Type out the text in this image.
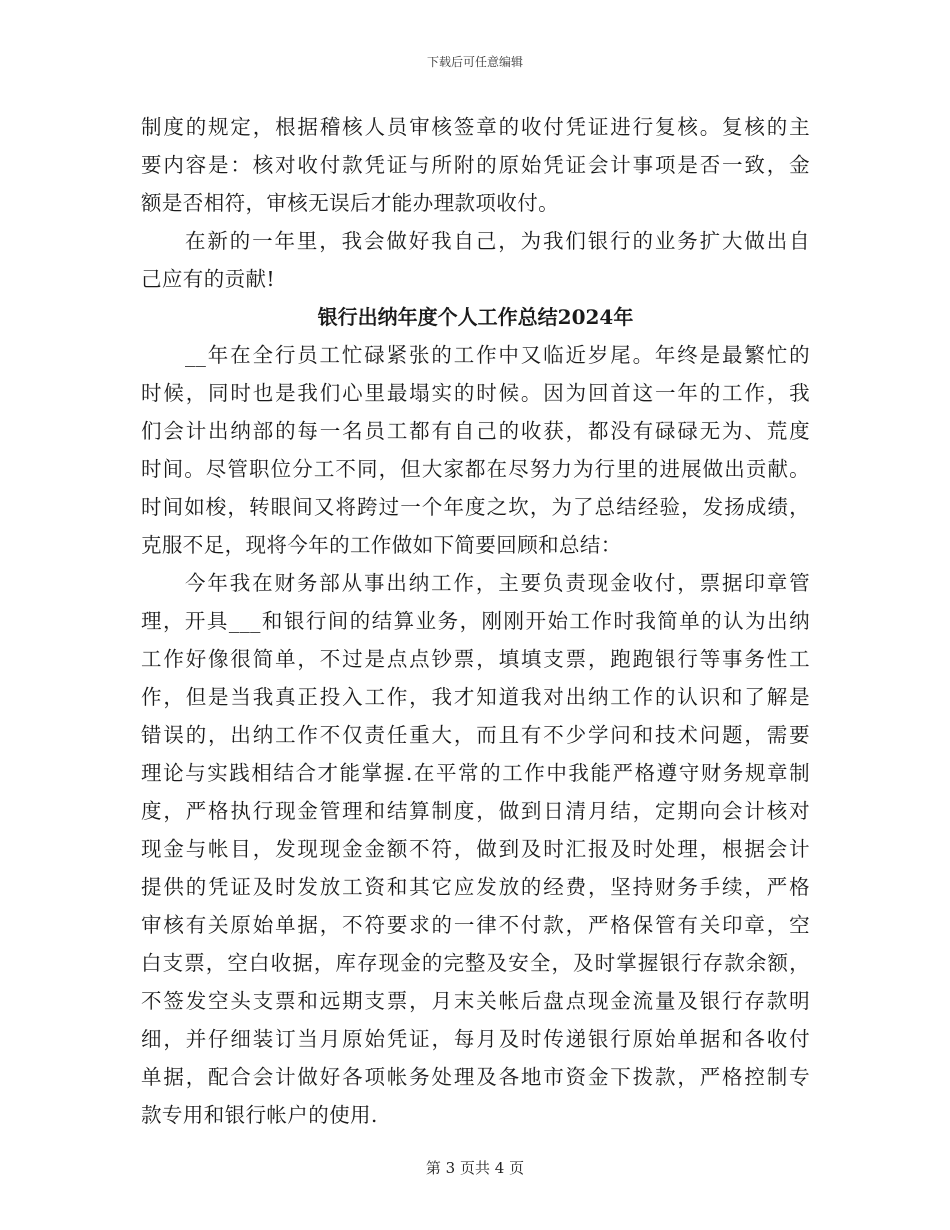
下载后可任意编辑
制度的规定，根据稽核人员审核签章的收付凭证进行复核。复核的主
要内容是：核对收付款凭证与所附的原始凭证会计事项是否一致，金
额是否相符，审核无误后才能办理款项收付。
在新的一年里，我会做好我自己，为我们银行的业务扩大做出自
己应有的贡献!
银行出纳年度个人工作总结2024年
__年在全行员工忙碌紧张的工作中又临近岁尾。年终是最繁忙的
时候，同时也是我们心里最塌实的时候。因为回首这一年的工作，我
们会计出纳部的每一名员工都有自己的收获，都没有碌碌无为、荒度
时间。尽管职位分工不同，但大家都在尽努力为行里的进展做出贡献。
时间如梭，转眼间又将跨过一个年度之坎，为了总结经验，发扬成绩，
克服不足，现将今年的工作做如下简要回顾和总结：
今年我在财务部从事出纳工作，主要负责现金收付，票据印章管
理，开具___和银行间的结算业务，刚刚开始工作时我简单的认为出纳
工作好像很简单，不过是点点钞票，填填支票，跑跑银行等事务性工
作，但是当我真正投入工作，我才知道我对出纳工作的认识和了解是
错误的，出纳工作不仅责任重大，而且有不少学问和技术问题，需要
理论与实践相结合才能掌握.在平常的工作中我能严格遵守财务规章制
度，严格执行现金管理和结算制度，做到日清月结，定期向会计核对
现金与帐目，发现现金金额不符，做到及时汇报及时处理，根据会计
提供的凭证及时发放工资和其它应发放的经费，坚持财务手续，严格
审核有关原始单据，不符要求的一律不付款，严格保管有关印章，空
白支票，空白收据，库存现金的完整及安全，及时掌握银行存款余额，
不签发空头支票和远期支票，月末关帐后盘点现金流量及银行存款明
细，并仔细装订当月原始凭证，每月及时传递银行原始单据和各收付
单据，配合会计做好各项帐务处理及各地市资金下拨款，严格控制专
款专用和银行帐户的使用.
第 3 页共 4 页
